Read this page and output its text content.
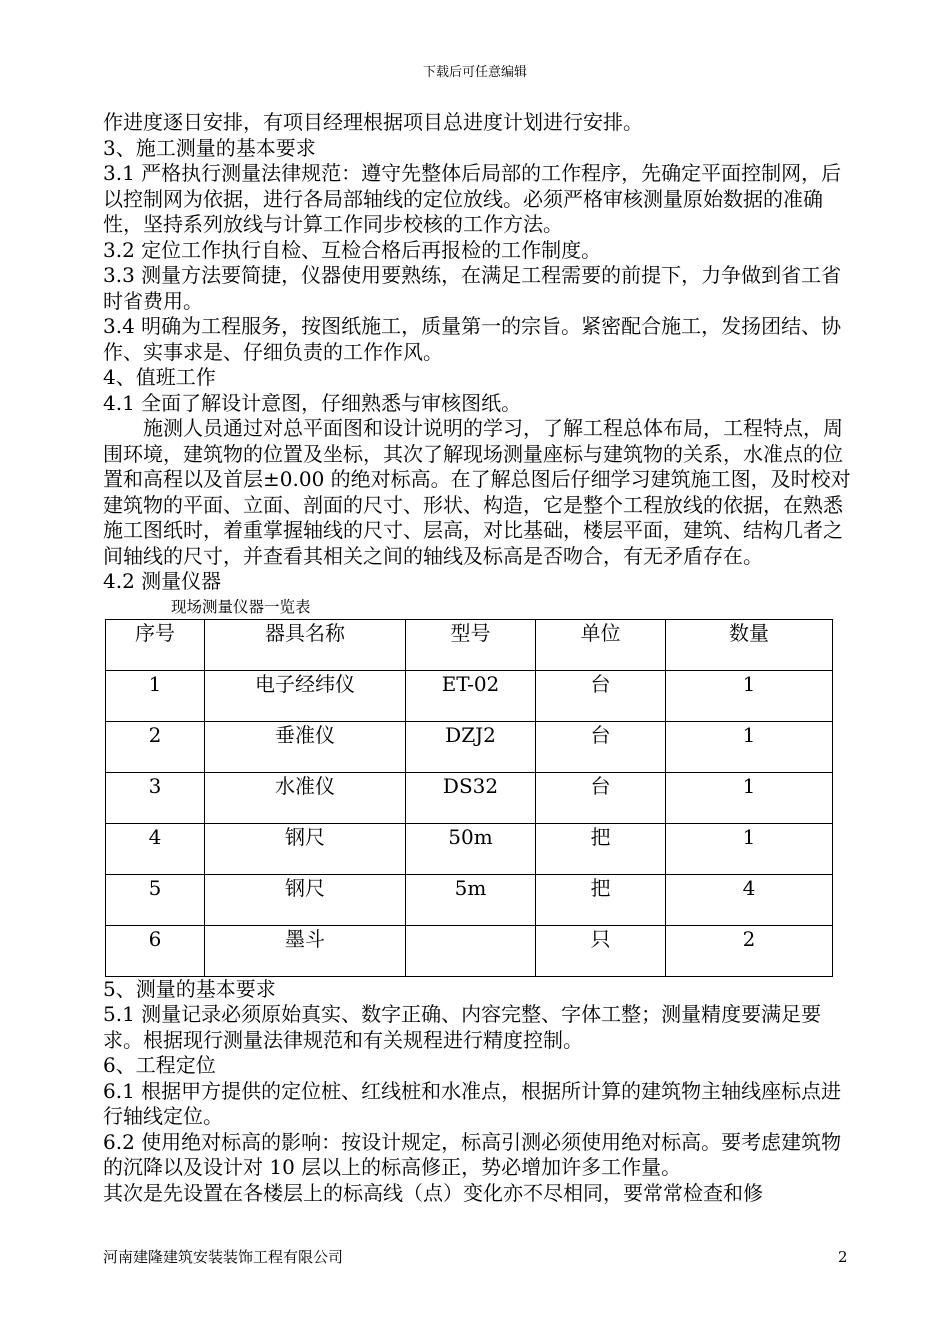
下载后可任意编辑

作进度逐日安排，有项目经理根据项目总进度计划进行安排。

3、施工测量的基本要求

3.1 严格执行测量法律规范：遵守先整体后局部的工作程序，先确定平面控制网，后以控制网为依据，进行各局部轴线的定位放线。必须严格审核测量原始数据的准确性，坚持系列放线与计算工作同步校核的工作方法。

3.2 定位工作执行自检、互检合格后再报检的工作制度。

3.3 测量方法要简捷，仪器使用要熟练，在满足工程需要的前提下，力争做到省工省时省费用。

3.4 明确为工程服务，按图纸施工，质量第一的宗旨。紧密配合施工，发扬团结、协作、实事求是、仔细负责的工作作风。

4、值班工作

4.1 全面了解设计意图，仔细熟悉与审核图纸。

施测人员通过对总平面图和设计说明的学习，了解工程总体布局，工程特点，周围环境，建筑物的位置及坐标，其次了解现场测量座标与建筑物的关系，水准点的位置和高程以及首层±0.00 的绝对标高。在了解总图后仔细学习建筑施工图，及时校对建筑物的平面、立面、剖面的尺寸、形状、构造，它是整个工程放线的依据，在熟悉施工图纸时，着重掌握轴线的尺寸、层高，对比基础，楼层平面，建筑、结构几者之间轴线的尺寸，并查看其相关之间的轴线及标高是否吻合，有无矛盾存在。

4.2 测量仪器

现场测量仪器一览表
序号	器具名称	型号	单位	数量
1	电子经纬仪	ET-02	台	1
2	垂准仪	DZJ2	台	1
3	水准仪	DS32	台	1
4	钢尺	50m	把	1
5	钢尺	5m	把	4
6	墨斗		只	2

5、测量的基本要求

5.1 测量记录必须原始真实、数字正确、内容完整、字体工整；测量精度要满足要求。根据现行测量法律规范和有关规程进行精度控制。

6、工程定位

6.1 根据甲方提供的定位桩、红线桩和水准点，根据所计算的建筑物主轴线座标点进行轴线定位。

6.2 使用绝对标高的影响：按设计规定，标高引测必须使用绝对标高。要考虑建筑物的沉降以及设计对 10 层以上的标高修正，势必增加许多工作量。

其次是先设置在各楼层上的标高线（点）变化亦不尽相同，要常常检查和修

河南建隆建筑安装装饰工程有限公司	2
